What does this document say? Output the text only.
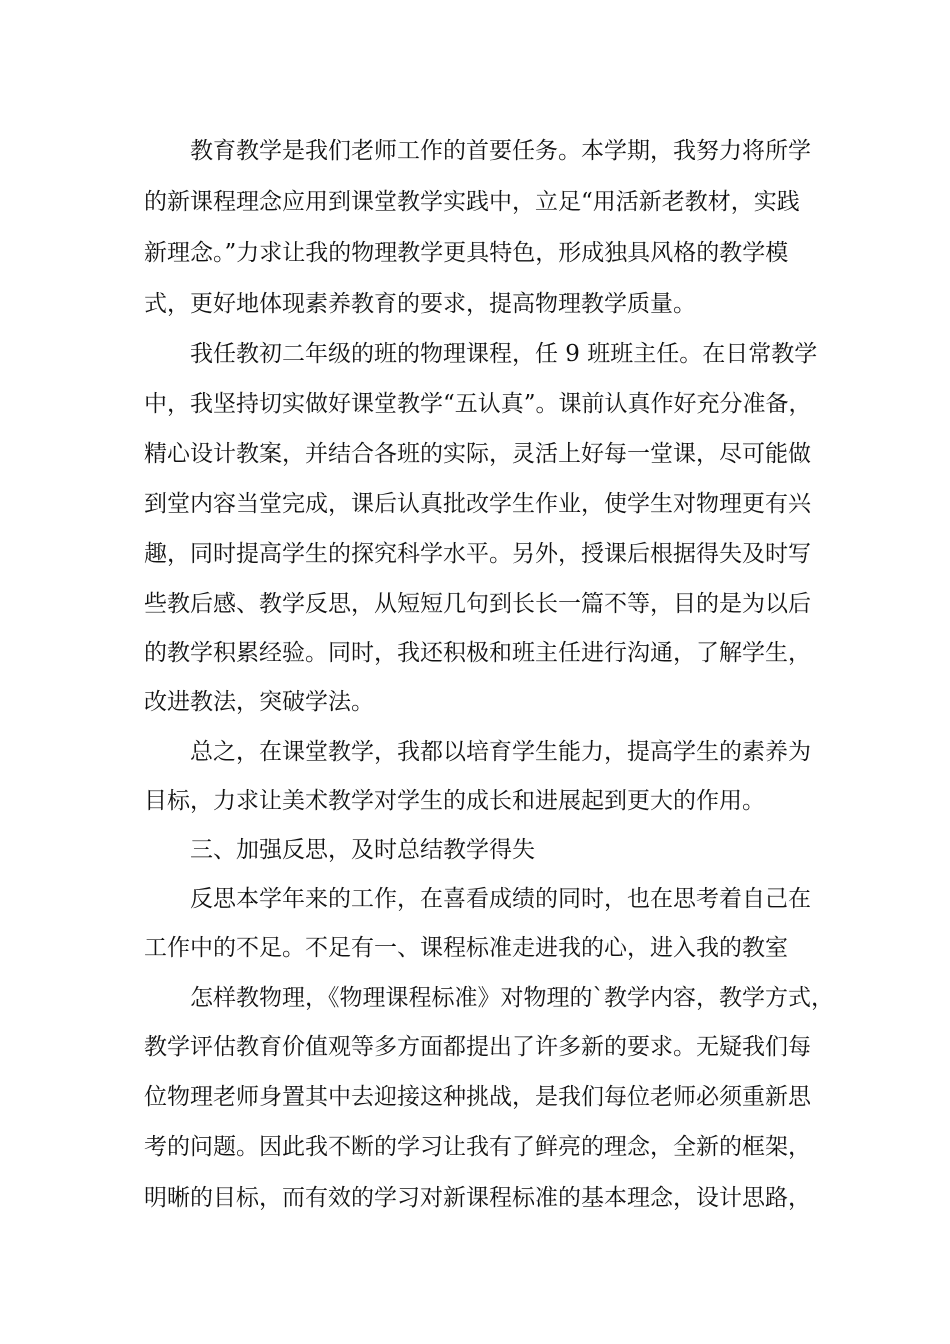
教育教学是我们老师工作的首要任务。本学期，我努力将所学
的新课程理念应用到课堂教学实践中，立足“用活新老教材，实践
新理念。”力求让我的物理教学更具特色，形成独具风格的教学模
式，更好地体现素养教育的要求，提高物理教学质量。
我任教初二年级的班的物理课程，任 9 班班主任。在日常教学
中，我坚持切实做好课堂教学“五认真”。课前认真作好充分准备，
精心设计教案，并结合各班的实际，灵活上好每一堂课，尽可能做
到堂内容当堂完成，课后认真批改学生作业，使学生对物理更有兴
趣，同时提高学生的探究科学水平。另外，授课后根据得失及时写
些教后感、教学反思，从短短几句到长长一篇不等，目的是为以后
的教学积累经验。同时，我还积极和班主任进行沟通，了解学生，
改进教法，突破学法。
总之，在课堂教学，我都以培育学生能力，提高学生的素养为
目标，力求让美术教学对学生的成长和进展起到更大的作用。
三、加强反思，及时总结教学得失
反思本学年来的工作，在喜看成绩的同时，也在思考着自己在
工作中的不足。不足有一、课程标准走进我的心，进入我的教室
怎样教物理，《物理课程标准》对物理的`教学内容，教学方式，
教学评估教育价值观等多方面都提出了许多新的要求。无疑我们每
位物理老师身置其中去迎接这种挑战，是我们每位老师必须重新思
考的问题。因此我不断的学习让我有了鲜亮的理念，全新的框架，
明晰的目标，而有效的学习对新课程标准的基本理念，设计思路，
